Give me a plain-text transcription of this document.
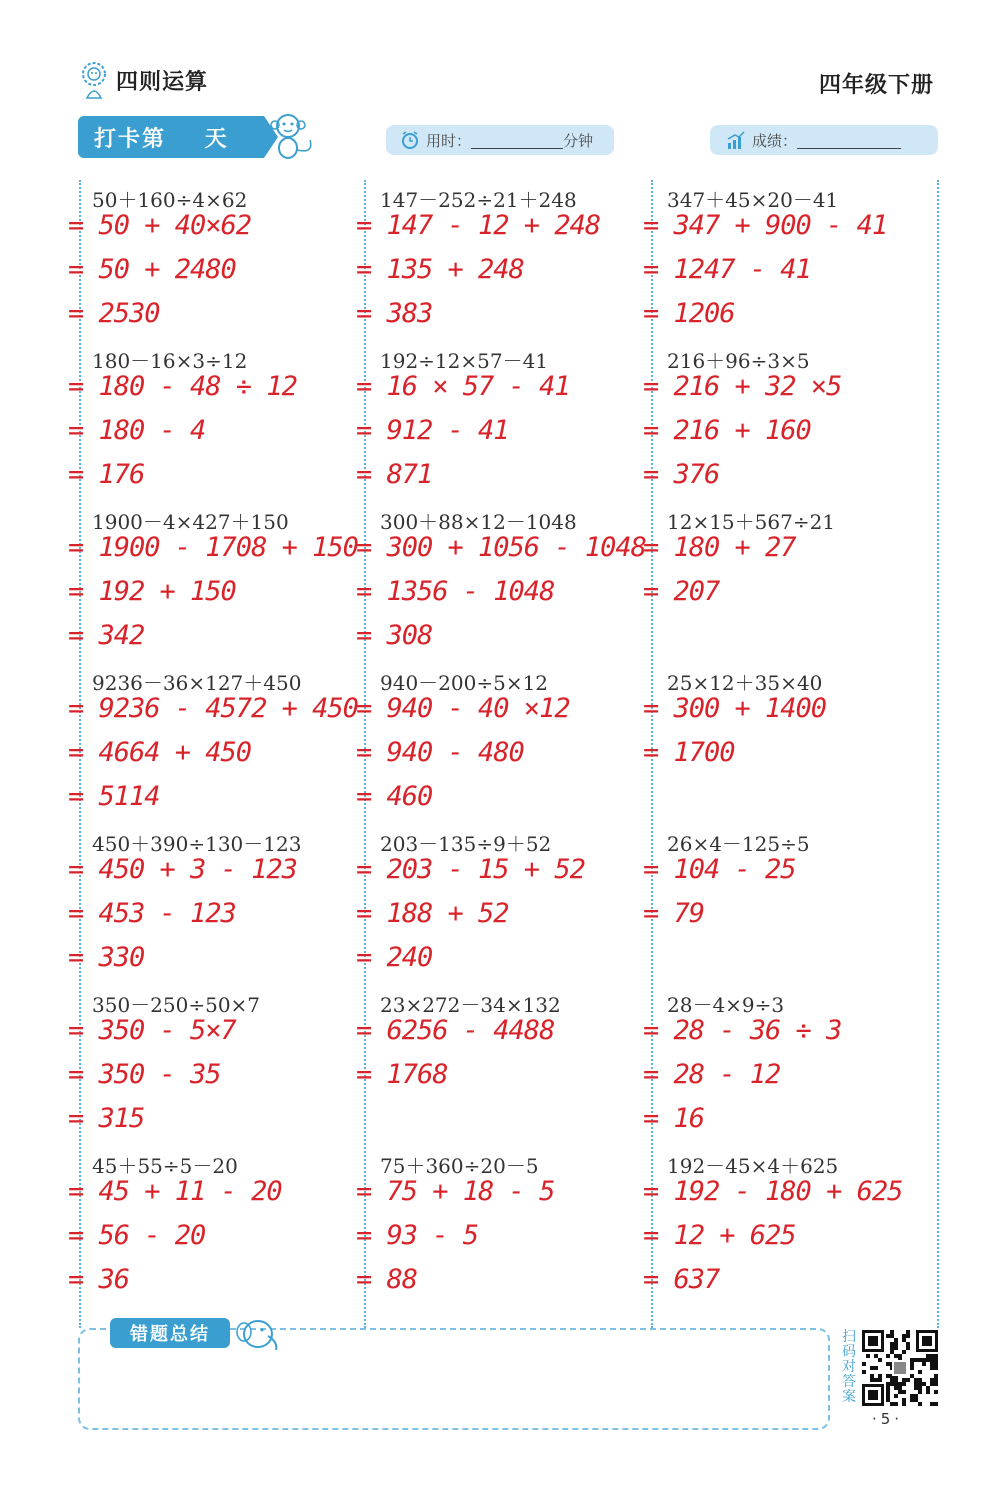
四则运算	四年级下册
打卡第    天	用时：	分钟	成绩：
50＋160÷4×62
= 50 + 40×62
= 50 + 2480
= 2530
147－252÷21＋248
= 147 - 12 + 248
= 135 + 248
= 383
347＋45×20－41
= 347 + 900 - 41
= 1247 - 41
= 1206
180－16×3÷12
= 180 - 48 ÷ 12
= 180 - 4
= 176
192÷12×57－41
= 16 × 57 - 41
= 912 - 41
= 871
216＋96÷3×5
= 216 + 32 ×5
= 216 + 160
= 376
1900－4×427＋150
= 1900 - 1708 + 150
= 192 + 150
= 342
300＋88×12－1048
= 300 + 1056 - 1048
= 1356 - 1048
= 308
12×15＋567÷21
= 180 + 27
= 207
9236－36×127＋450
= 9236 - 4572 + 450
= 4664 + 450
= 5114
940－200÷5×12
= 940 - 40 ×12
= 940 - 480
= 460
25×12＋35×40
= 300 + 1400
= 1700
450＋390÷130－123
= 450 + 3 - 123
= 453 - 123
= 330
203－135÷9＋52
= 203 - 15 + 52
= 188 + 52
= 240
26×4－125÷5
= 104 - 25
= 79
350－250÷50×7
= 350 - 5×7
= 350 - 35
= 315
23×272－34×132
= 6256 - 4488
= 1768
28－4×9÷3
= 28 - 36 ÷ 3
= 28 - 12
= 16
45＋55÷5－20
= 45 + 11 - 20
= 56 - 20
= 36
75＋360÷20－5
= 75 + 18 - 5
= 93 - 5
= 88
192－45×4＋625
= 192 - 180 + 625
= 12 + 625
= 637
错题总结	扫码对答案
·5·
